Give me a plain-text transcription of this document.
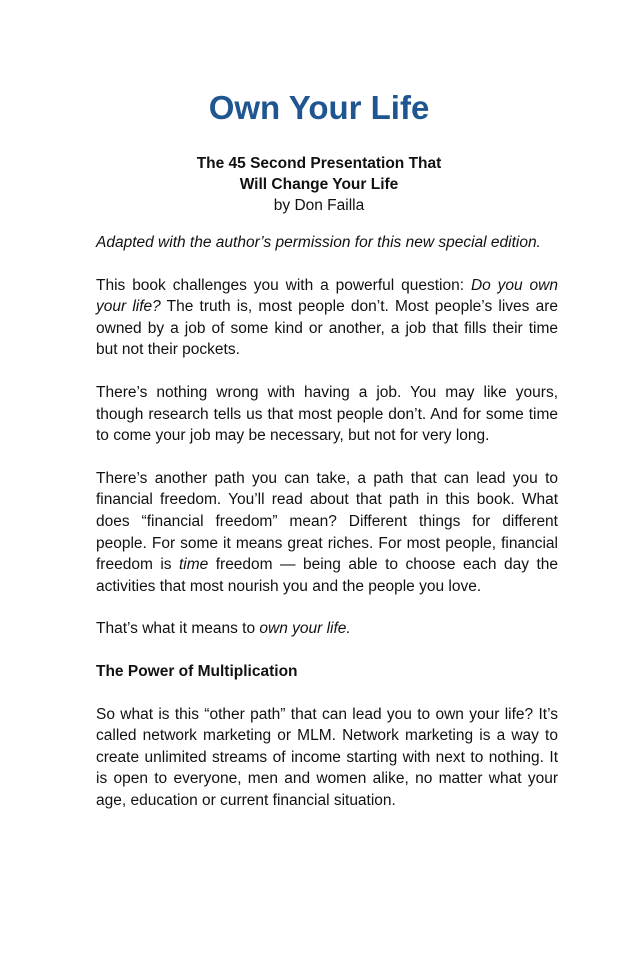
Own Your Life
The 45 Second Presentation That
Will Change Your Life
by Don Failla

Adapted with the author’s permission for this new special edition.

This book challenges you with a powerful question: Do you own your life? The truth is, most people don’t. Most people’s lives are owned by a job of some kind or another, a job that fills their time but not their pockets.

There’s nothing wrong with having a job. You may like yours, though research tells us that most people don’t. And for some time to come your job may be necessary, but not for very long.

There’s another path you can take, a path that can lead you to financial freedom. You’ll read about that path in this book. What does “financial freedom” mean? Different things for different people. For some it means great riches. For most people, financial freedom is time freedom — being able to choose each day the activities that most nourish you and the people you love.

That’s what it means to own your life.

The Power of Multiplication

So what is this “other path” that can lead you to own your life? It’s called network marketing or MLM. Network marketing is a way to create unlimited streams of income starting with next to nothing. It is open to everyone, men and women alike, no matter what your age, education or current financial situation.
